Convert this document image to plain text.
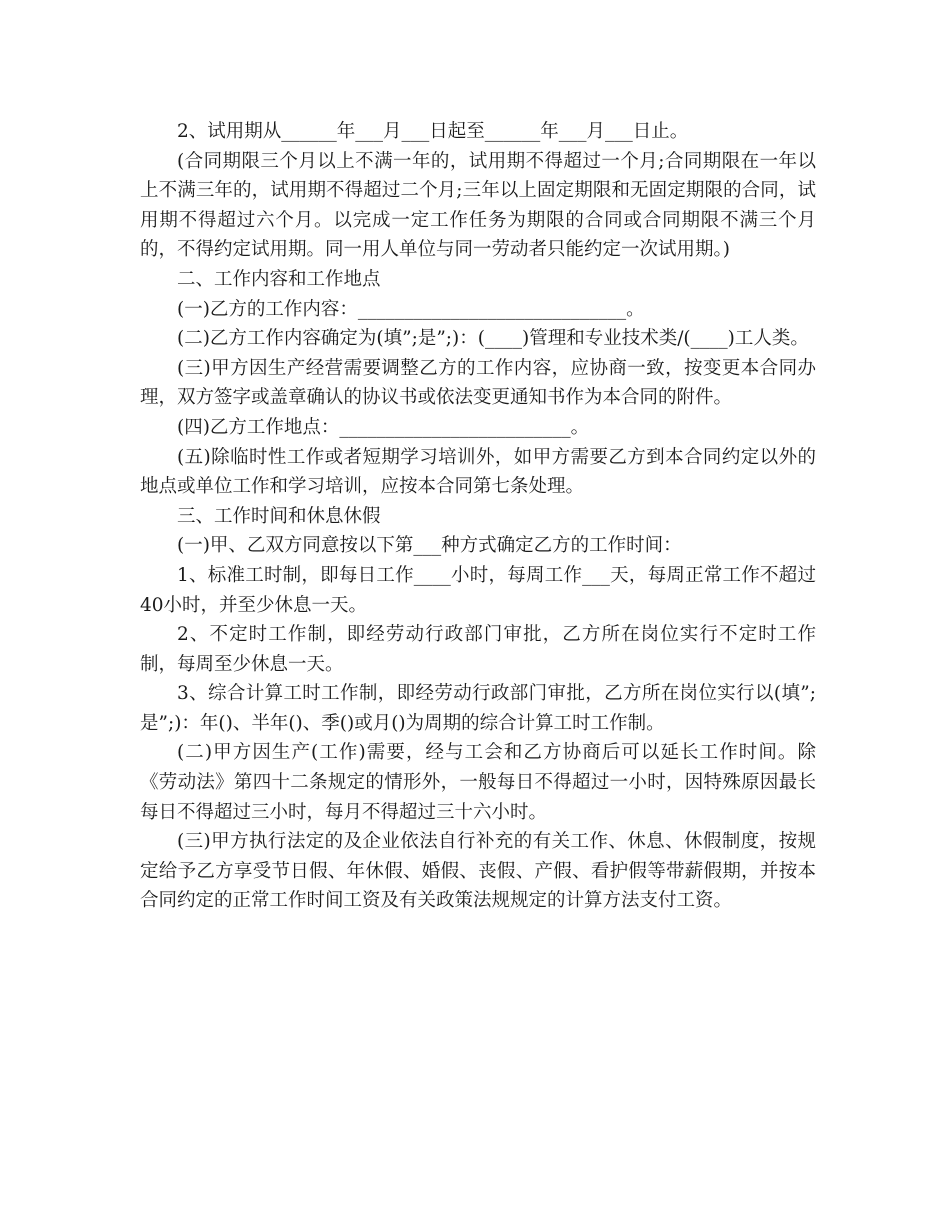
2、试用期从______年___月___日起至______年___月___日止。

(合同期限三个月以上不满一年的，试用期不得超过一个月;合同期限在一年以上不满三年的，试用期不得超过二个月;三年以上固定期限和无固定期限的合同，试用期不得超过六个月。以完成一定工作任务为期限的合同或合同期限不满三个月的，不得约定试用期。同一用人单位与同一劳动者只能约定一次试用期。)

二、工作内容和工作地点

(一)乙方的工作内容：_____________________________。

(二)乙方工作内容确定为(填”;是”;)：(____)管理和专业技术类/(____)工人类。

(三)甲方因生产经营需要调整乙方的工作内容，应协商一致，按变更本合同办理，双方签字或盖章确认的协议书或依法变更通知书作为本合同的附件。

(四)乙方工作地点：_________________________。

(五)除临时性工作或者短期学习培训外，如甲方需要乙方到本合同约定以外的地点或单位工作和学习培训，应按本合同第七条处理。

三、工作时间和休息休假

(一)甲、乙双方同意按以下第___种方式确定乙方的工作时间：

1、标准工时制，即每日工作____小时，每周工作___天，每周正常工作不超过40小时，并至少休息一天。

2、不定时工作制，即经劳动行政部门审批，乙方所在岗位实行不定时工作制，每周至少休息一天。

3、综合计算工时工作制，即经劳动行政部门审批，乙方所在岗位实行以(填”;是”;)：年()、半年()、季()或月()为周期的综合计算工时工作制。

(二)甲方因生产(工作)需要，经与工会和乙方协商后可以延长工作时间。除《劳动法》第四十二条规定的情形外，一般每日不得超过一小时，因特殊原因最长每日不得超过三小时，每月不得超过三十六小时。

(三)甲方执行法定的及企业依法自行补充的有关工作、休息、休假制度，按规定给予乙方享受节日假、年休假、婚假、丧假、产假、看护假等带薪假期，并按本合同约定的正常工作时间工资及有关政策法规规定的计算方法支付工资。
